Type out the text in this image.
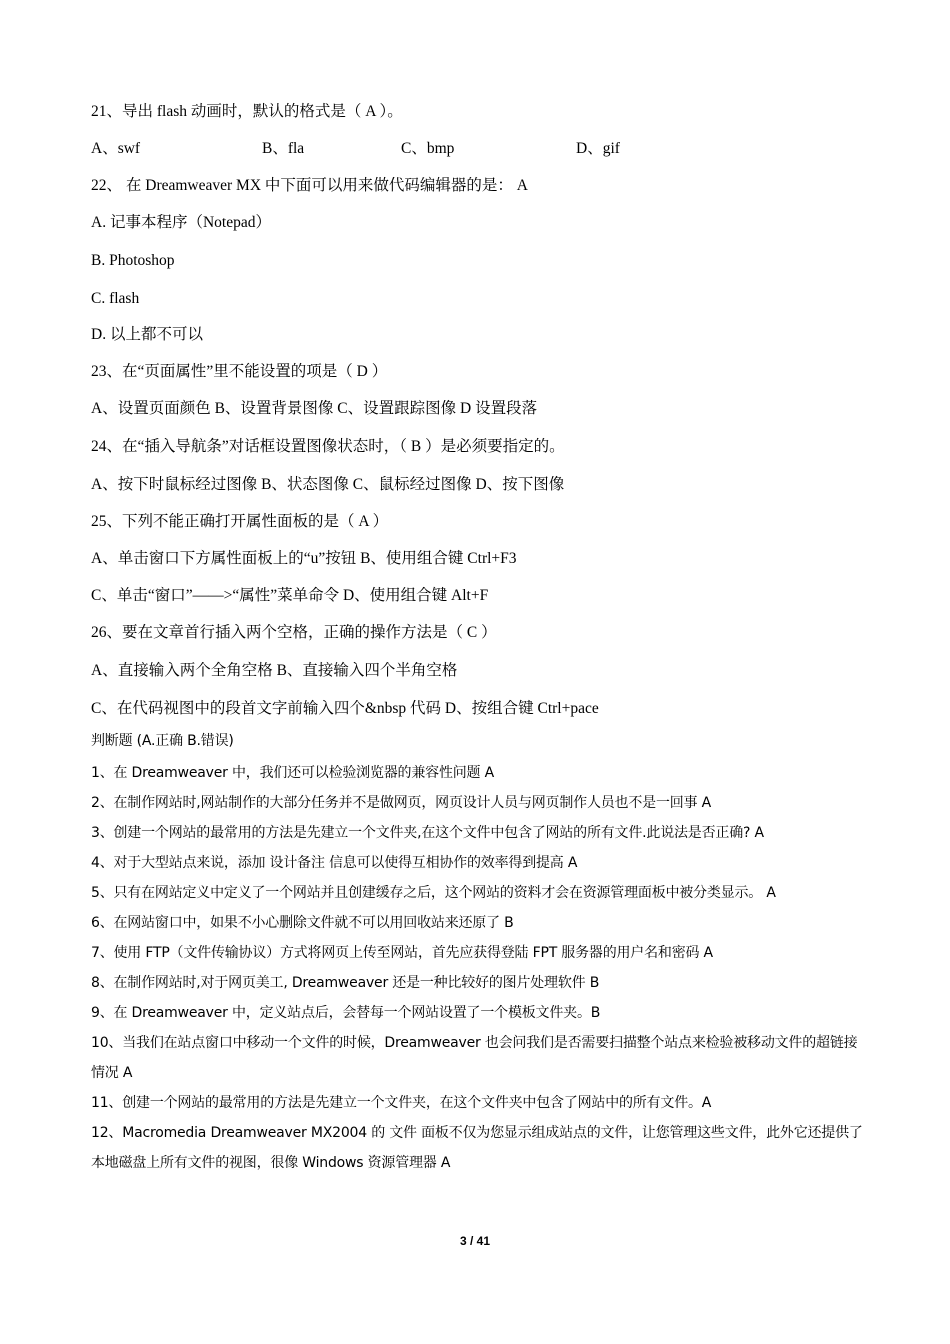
21、导出 flash 动画时，默认的格式是（ A ）。

A、swf	B、fla	C、bmp	D、gif

22、 在 Dreamweaver MX 中下面可以用来做代码编辑器的是： A

A. 记事本程序（Notepad）

B. Photoshop

C. flash

D. 以上都不可以

23、在“页面属性”里不能设置的项是（ D ）

A、设置页面颜色 B、设置背景图像 C、设置跟踪图像 D 设置段落

24、在“插入导航条”对话框设置图像状态时，（ B ）是必须要指定的。

A、按下时鼠标经过图像 B、状态图像 C、鼠标经过图像 D、按下图像

25、下列不能正确打开属性面板的是（ A ）

A、单击窗口下方属性面板上的“u”按钮 B、使用组合键 Ctrl+F3

C、单击“窗口”——>“属性”菜单命令 D、使用组合键 Alt+F

26、要在文章首行插入两个空格，正确的操作方法是（ C ）

A、直接输入两个全角空格 B、直接输入四个半角空格

C、在代码视图中的段首文字前输入四个&nbsp 代码 D、按组合键 Ctrl+pace

判断题 (A.正确 B.错误)

1、在 Dreamweaver 中，我们还可以检验浏览器的兼容性问题 A

2、在制作网站时,网站制作的大部分任务并不是做网页，网页设计人员与网页制作人员也不是一回事 A

3、创建一个网站的最常用的方法是先建立一个文件夹,在这个文件中包含了网站的所有文件.此说法是否正确? A

4、对于大型站点来说，添加 设计备注 信息可以使得互相协作的效率得到提高 A

5、只有在网站定义中定义了一个网站并且创建缓存之后，这个网站的资料才会在资源管理面板中被分类显示。 A

6、在网站窗口中，如果不小心删除文件就不可以用回收站来还原了 B

7、使用 FTP（文件传输协议）方式将网页上传至网站，首先应获得登陆 FPT 服务器的用户名和密码 A

8、在制作网站时,对于网页美工, Dreamweaver 还是一种比较好的图片处理软件 B

9、在 Dreamweaver 中，定义站点后，会替每一个网站设置了一个模板文件夹。B

10、当我们在站点窗口中移动一个文件的时候，Dreamweaver 也会问我们是否需要扫描整个站点来检验被移动文件的超链接情况 A

11、创建一个网站的最常用的方法是先建立一个文件夹，在这个文件夹中包含了网站中的所有文件。A

12、Macromedia Dreamweaver MX2004 的 文件 面板不仅为您显示组成站点的文件，让您管理这些文件，此外它还提供了本地磁盘上所有文件的视图，很像 Windows 资源管理器 A

3 / 41
